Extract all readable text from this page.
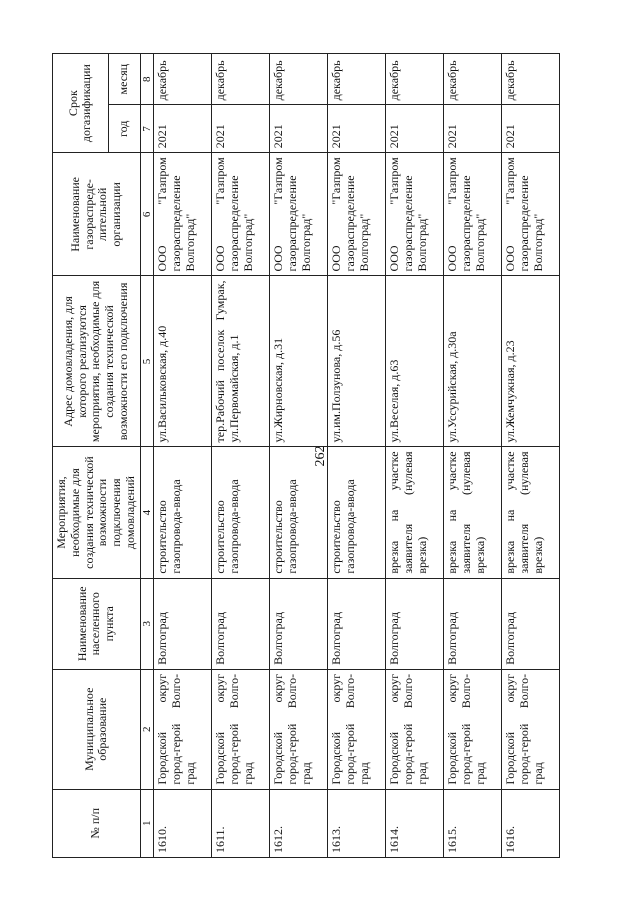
262
№ п/п	Муниципальное образование	Наименование населенного пункта	Мероприятия, необходимые для создания технической возможности подключения домовладений	Адрес домовладения, для которого реализуются мероприятия, необходимые для создания технической возможности его подключения	Наименование газораспреде-лительной организации	Срок догазификации	
						год	месяц
1	2	3	4	5	6	7	8
1610.	Городской округ город-герой Волго-град	Волгоград	строительство газопровода-ввода	ул.Васильковская, д.40	ООО "Газпром газораспределение Волгоград"	2021	декабрь
1611.	Городской округ город-герой Волго-град	Волгоград	строительство газопровода-ввода	тер.Рабочий поселок Гумрак, ул.Первомайская, д.1	ООО "Газпром газораспределение Волгоград"	2021	декабрь
1612.	Городской округ город-герой Волго-град	Волгоград	строительство газопровода-ввода	ул.Жирновская, д.31	ООО "Газпром газораспределение Волгоград"	2021	декабрь
1613.	Городской округ город-герой Волго-град	Волгоград	строительство газопровода-ввода	ул.им.Ползунова, д.56	ООО "Газпром газораспределение Волгоград"	2021	декабрь
1614.	Городской округ город-герой Волго-град	Волгоград	врезка на участке заявителя (нулевая врезка)	ул.Веселая, д.63	ООО "Газпром газораспределение Волгоград"	2021	декабрь
1615.	Городской округ город-герой Волго-град	Волгоград	врезка на участке заявителя (нулевая врезка)	ул.Уссурийская, д.30а	ООО "Газпром газораспределение Волгоград"	2021	декабрь
1616.	Городской округ город-герой Волго-град	Волгоград	врезка на участке заявителя (нулевая врезка)	ул.Жемчужная, д.23	ООО "Газпром газораспределение Волгоград"	2021	декабрь
